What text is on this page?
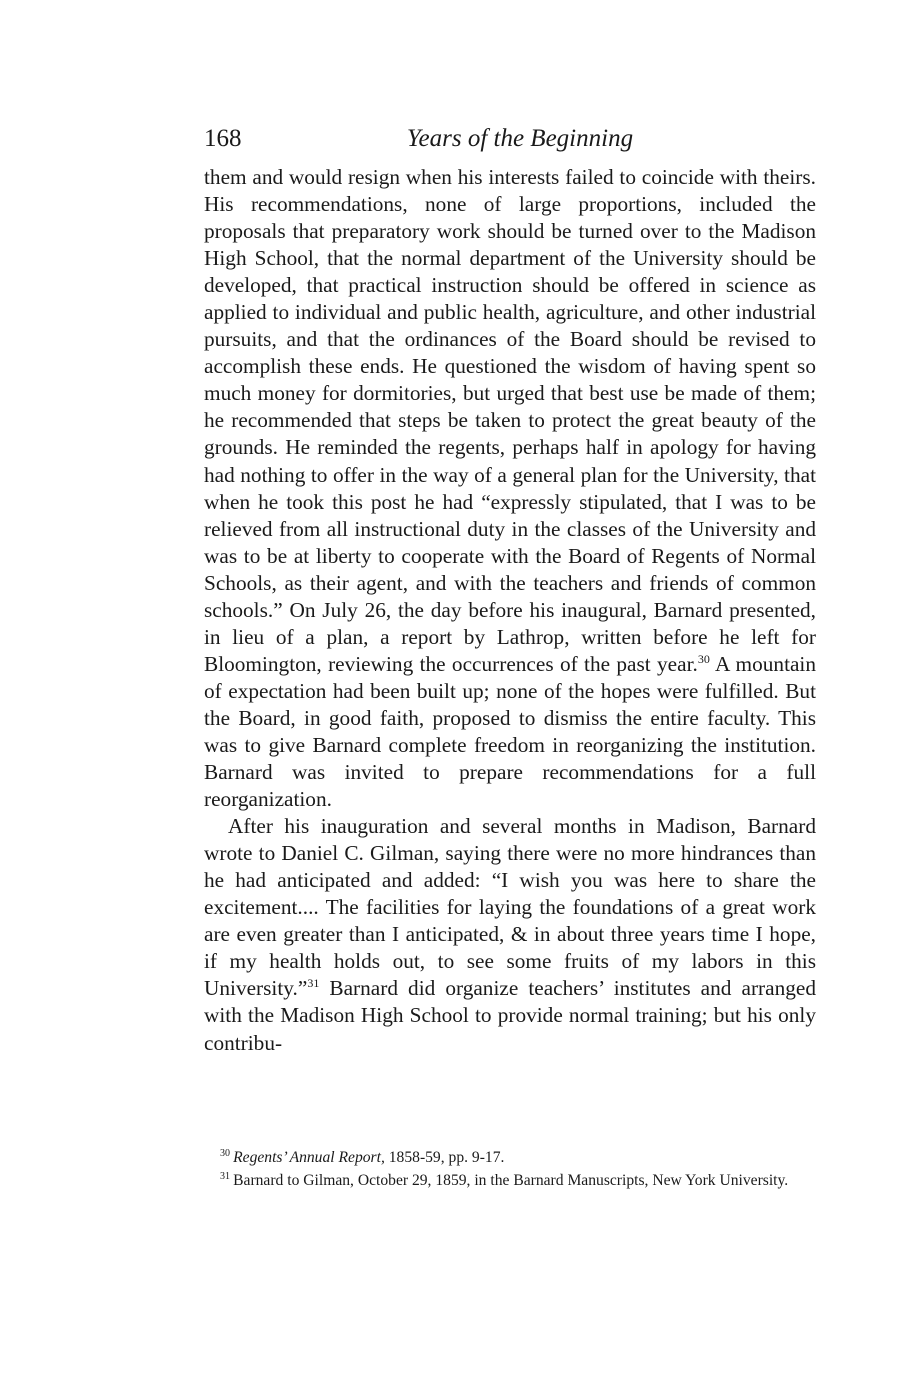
168	Years of the Beginning

them and would resign when his interests failed to coincide with theirs. His recommendations, none of large proportions, included the proposals that preparatory work should be turned over to the Madison High School, that the normal department of the University should be developed, that practical instruction should be offered in science as applied to individual and public health, agriculture, and other industrial pursuits, and that the ordinances of the Board should be revised to accomplish these ends. He questioned the wisdom of having spent so much money for dormitories, but urged that best use be made of them; he recommended that steps be taken to protect the great beauty of the grounds. He reminded the regents, perhaps half in apology for having had nothing to offer in the way of a general plan for the University, that when he took this post he had “expressly stipulated, that I was to be relieved from all instructional duty in the classes of the University and was to be at liberty to cooperate with the Board of Regents of Normal Schools, as their agent, and with the teachers and friends of common schools.” On July 26, the day before his inaugural, Barnard presented, in lieu of a plan, a report by Lathrop, written before he left for Bloomington, reviewing the occurrences of the past year.$^{30}$ A mountain of expectation had been built up; none of the hopes were fulfilled. But the Board, in good faith, proposed to dismiss the entire faculty. This was to give Barnard complete freedom in reorganizing the institution. Barnard was invited to prepare recommendations for a full reorganization.

After his inauguration and several months in Madison, Barnard wrote to Daniel C. Gilman, saying there were no more hindrances than he had anticipated and added: “I wish you was here to share the excitement.... The facilities for laying the foundations of a great work are even greater than I anticipated, & in about three years time I hope, if my health holds out, to see some fruits of my labors in this University.”$^{31}$ Barnard did organize teachers’ institutes and arranged with the Madison High School to provide normal training; but his only contribu-

$^{30}$  Regents’ Annual Report, 1858-59, pp. 9-17.

$^{31}$  Barnard to Gilman, October 29, 1859, in the Barnard Manuscripts, New York University.
